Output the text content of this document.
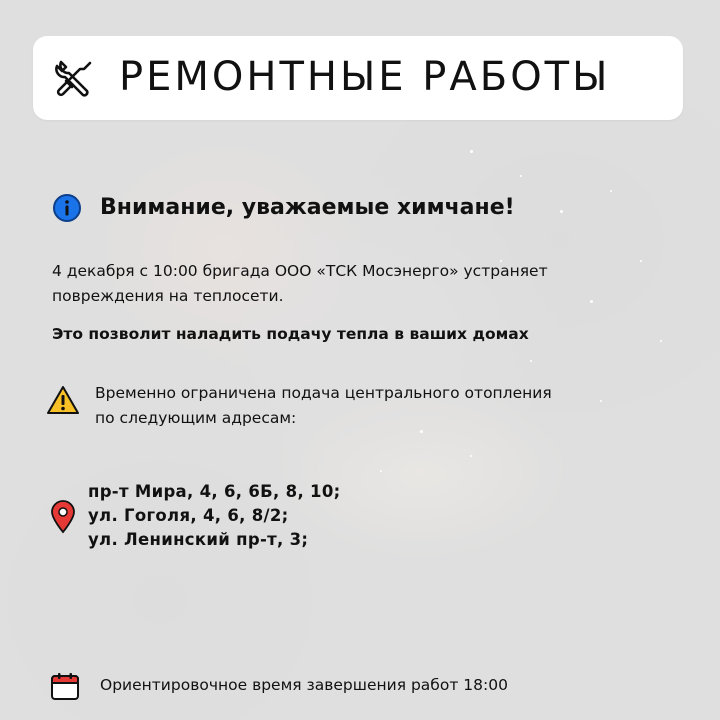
РЕМОНТНЫЕ РАБОТЫ
Внимание, уважаемые химчане!
4 декабря с 10:00 бригада ООО «ТСК Мосэнерго» устраняет
повреждения на теплосети.
Это позволит наладить подачу тепла в ваших домах
Временно ограничена подача центрального отопления
по следующим адресам:
пр-т Мира, 4, 6, 6Б, 8, 10;
ул. Гоголя, 4, 6, 8/2;
ул. Ленинский пр-т, 3;
Ориентировочное время завершения работ 18:00
